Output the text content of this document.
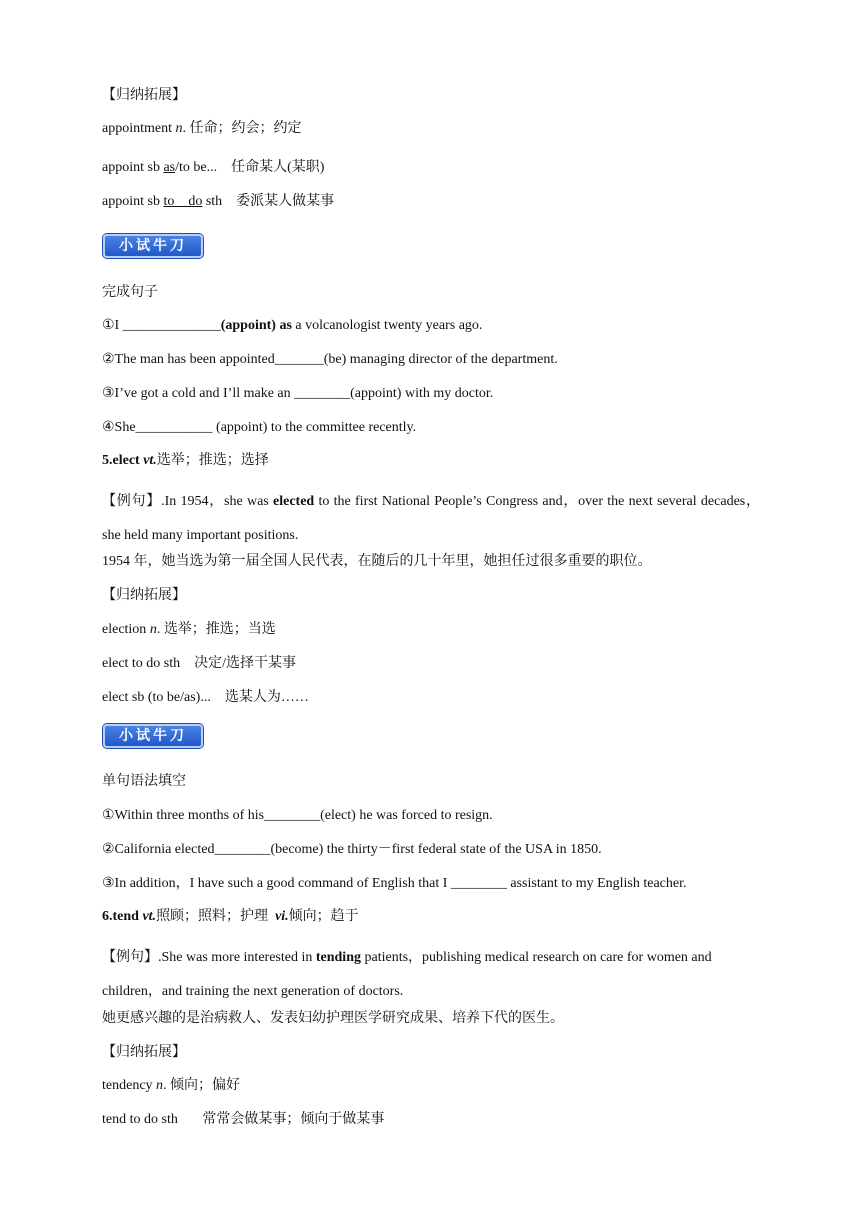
【归纳拓展】
appointment n. 任命；约会；约定
appoint sb as/to be...    任命某人(某职)
appoint sb to    do sth    委派某人做某事
小试牛刀
完成句子
①I ______________(appoint) as a volcanologist twenty years ago.
②The man has been appointed_______(be) managing director of the department.
③I’ve got a cold and I’ll make an ________(appoint) with my doctor.
④She___________ (appoint) to the committee recently.
5.elect vt.选举；推选；选择
【例句】.In 1954，she was elected to the first National People’s Congress and，over the next several decades，she held many important positions.
1954 年，她当选为第一届全国人民代表，在随后的几十年里，她担任过很多重要的职位。
【归纳拓展】
election n. 选举；推选；当选
elect to do sth    决定/选择干某事
elect sb (to be/as)...    选某人为……
小试牛刀
单句语法填空
①Within three months of his________(elect) he was forced to resign.
②California elected________(become) the thirty－first federal state of the USA in 1850.
③In addition，I have such a good command of English that I ________ assistant to my English teacher.
6.tend vt.照顾；照料；护理  vi.倾向；趋于
【例句】.She was more interested in tending patients，publishing medical research on care for women and children，and training the next generation of doctors.
她更感兴趣的是治病救人、发表妇幼护理医学研究成果、培养下代的医生。
【归纳拓展】
tendency n. 倾向；偏好
tend to do sth       常常会做某事；倾向于做某事
